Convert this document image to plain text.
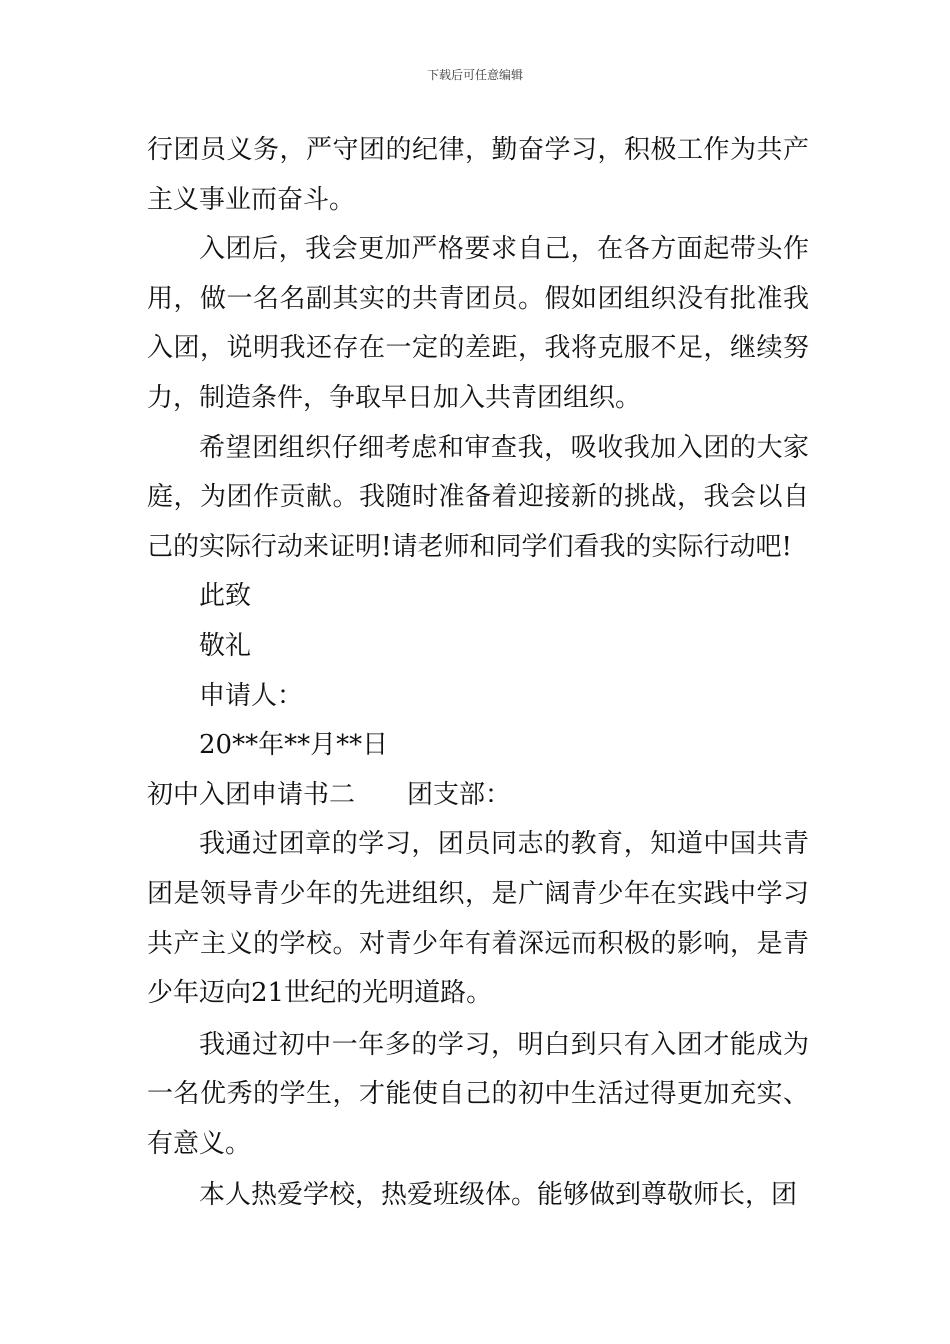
下载后可任意编辑

行团员义务，严守团的纪律，勤奋学习，积极工作为共产主义事业而奋斗。

入团后，我会更加严格要求自己，在各方面起带头作用，做一名名副其实的共青团员。假如团组织没有批准我入团，说明我还存在一定的差距，我将克服不足，继续努力，制造条件，争取早日加入共青团组织。

希望团组织仔细考虑和审查我，吸收我加入团的大家庭，为团作贡献。我随时准备着迎接新的挑战，我会以自己的实际行动来证明!请老师和同学们看我的实际行动吧!

此致

敬礼

申请人：

20**年**月**日

初中入团申请书二 团支部：

我通过团章的学习，团员同志的教育，知道中国共青团是领导青少年的先进组织，是广阔青少年在实践中学习共产主义的学校。对青少年有着深远而积极的影响，是青少年迈向21世纪的光明道路。

我通过初中一年多的学习，明白到只有入团才能成为一名优秀的学生，才能使自己的初中生活过得更加充实、有意义。

本人热爱学校，热爱班级体。能够做到尊敬师长，团
